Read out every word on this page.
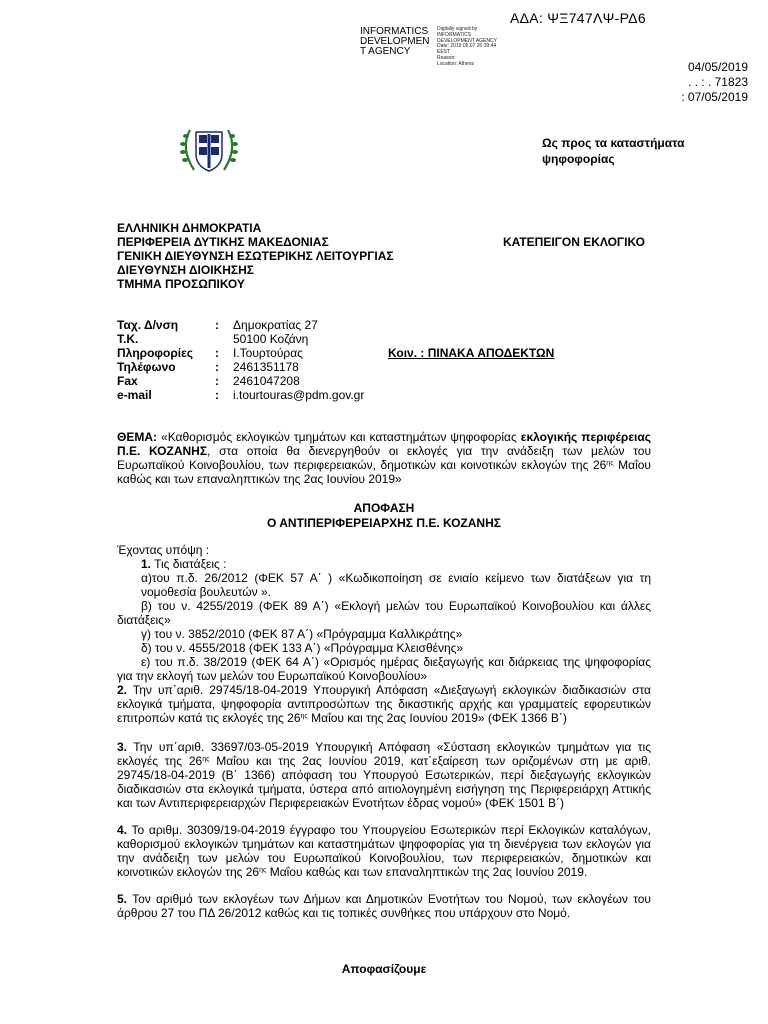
ΑΔΑ: ΨΞ747ΛΨ-ΡΔ6
INFORMATICS DEVELOPMEN T AGENCY
Digitally signed by
INFORMATICS
DEVELOPMENT AGENCY
Date: 2019.05.07 20:39:44
EEST
Reason:
Location: Athens	04/05/2019
. . : . 71823
: 07/05/2019
Ως προς τα καταστήματα ψηφοφορίας
ΕΛΛΗΝΙΚΗ ΔΗΜΟΚΡΑΤΙΑ
ΠΕΡΙΦΕΡΕΙΑ ΔΥΤΙΚΗΣ ΜΑΚΕΔΟΝΙΑΣ
ΓΕΝΙΚΗ ΔΙΕΥΘΥΝΣΗ ΕΣΩΤΕΡΙΚΗΣ ΛΕΙΤΟΥΡΓΙΑΣ
ΔΙΕΥΘΥΝΣΗ ΔΙΟΙΚΗΣΗΣ
ΤΜΗΜΑ ΠΡΟΣΩΠΙΚΟΥ
ΚΑΤΕΠΕΙΓΟΝ ΕΚΛΟΓΙΚΟ
Ταχ. Δ/νση	:	Δημοκρατίας 27
Τ.Κ.	50100 Κοζάνη
Πληροφορίες	:	Ι.Τουρτούρας
Τηλέφωνο	:	2461351178
Fax	:	2461047208
e-mail	:	i.tourtouras@pdm.gov.gr
Κοιν. : ΠΙΝΑΚΑ ΑΠΟΔΕΚΤΩΝ
ΘΕΜΑ: «Καθορισμός εκλογικών τμημάτων και καταστημάτων ψηφοφορίας εκλογικής περιφέρειας Π.Ε. ΚΟΖΑΝΗΣ, στα οποία θα διενεργηθούν οι εκλογές για την ανάδειξη των μελών του Ευρωπαϊκού Κοινοβουλίου, των περιφερειακών, δημοτικών και κοινοτικών εκλογών της $26^{\eta\varsigma}$ Μαΐου καθώς και των επαναληπτικών της 2ας Ιουνίου 2019»
ΑΠΟΦΑΣΗ
Ο ΑΝΤΙΠΕΡΙΦΕΡΕΙΑΡΧΗΣ Π.Ε. ΚΟΖΑΝΗΣ
Έχοντας υπόψη :
1. Τις διατάξεις :
α)του π.δ. 26/2012 (ΦΕΚ 57 Α΄ ) «Κωδικοποίηση σε ενιαίο κείμενο των διατάξεων για τη νομοθεσία βουλευτών ».
β) του ν. 4255/2019 (ΦΕΚ 89 Α΄) «Εκλογή μελών του Ευρωπαϊκού Κοινοβουλίου και άλλες διατάξεις»
γ) του ν. 3852/2010 (ΦΕΚ 87 Α΄) «Πρόγραμμα Καλλικράτης»
δ) του ν. 4555/2018 (ΦΕΚ 133 Α΄) «Πρόγραμμα Κλεισθένης»
ε) του π.δ. 38/2019 (ΦΕΚ 64 Α΄) «Ορισμός ημέρας διεξαγωγής και διάρκειας της ψηφοφορίας για την εκλογή των μελών του Ευρωπαϊκού Κοινοβουλίου»
2. Την υπ΄αριθ. 29745/18-04-2019 Υπουργική Απόφαση «Διεξαγωγή εκλογικών διαδικασιών στα εκλογικά τμήματα, ψηφοφορία αντιπροσώπων της δικαστικής αρχής και γραμματείς εφορευτικών επιτροπών κατά τις εκλογές της $26^{\eta\varsigma}$ Μαΐου και της 2ας Ιουνίου 2019» (ΦΕΚ 1366 Β΄)
3. Την υπ΄αριθ. 33697/03-05-2019 Υπουργική Απόφαση «Σύσταση εκλογικών τμημάτων για τις εκλογές της $26^{\eta\varsigma}$ Μαΐου και της 2ας Ιουνίου 2019, κατ΄εξαίρεση των οριζομένων στη με αριθ. 29745/18-04-2019 (Β΄ 1366) απόφαση του Υπουργού Εσωτερικών, περί διεξαγωγής εκλογικών διαδικασιών στα εκλογικά τμήματα, ύστερα από αιτιολογημένη εισήγηση της Περιφερειάρχη Αττικής και των Αντιπεριφερειαρχών Περιφερειακών Ενοτήτων έδρας νομού» (ΦΕΚ 1501 Β΄)
4. Το αριθμ. 30309/19-04-2019 έγγραφο του Υπουργείου Εσωτερικών περί Εκλογικών καταλόγων, καθορισμού εκλογικών τμημάτων και καταστημάτων ψηφοφορίας για τη διενέργεια των εκλογών για την ανάδειξη των μελών του Ευρωπαϊκού Κοινοβουλίου, των περιφερειακών, δημοτικών και κοινοτικών εκλογών της $26^{\eta\varsigma}$ Μαΐου καθώς και των επαναληπτικών της 2ας Ιουνίου 2019.
5. Τον αριθμό των εκλογέων των Δήμων και Δημοτικών Ενοτήτων του Νομού, των εκλογέων του άρθρου 27 του ΠΔ 26/2012 καθώς και τις τοπικές συνθήκες που υπάρχουν στο Νομό.
Αποφασίζουμε
